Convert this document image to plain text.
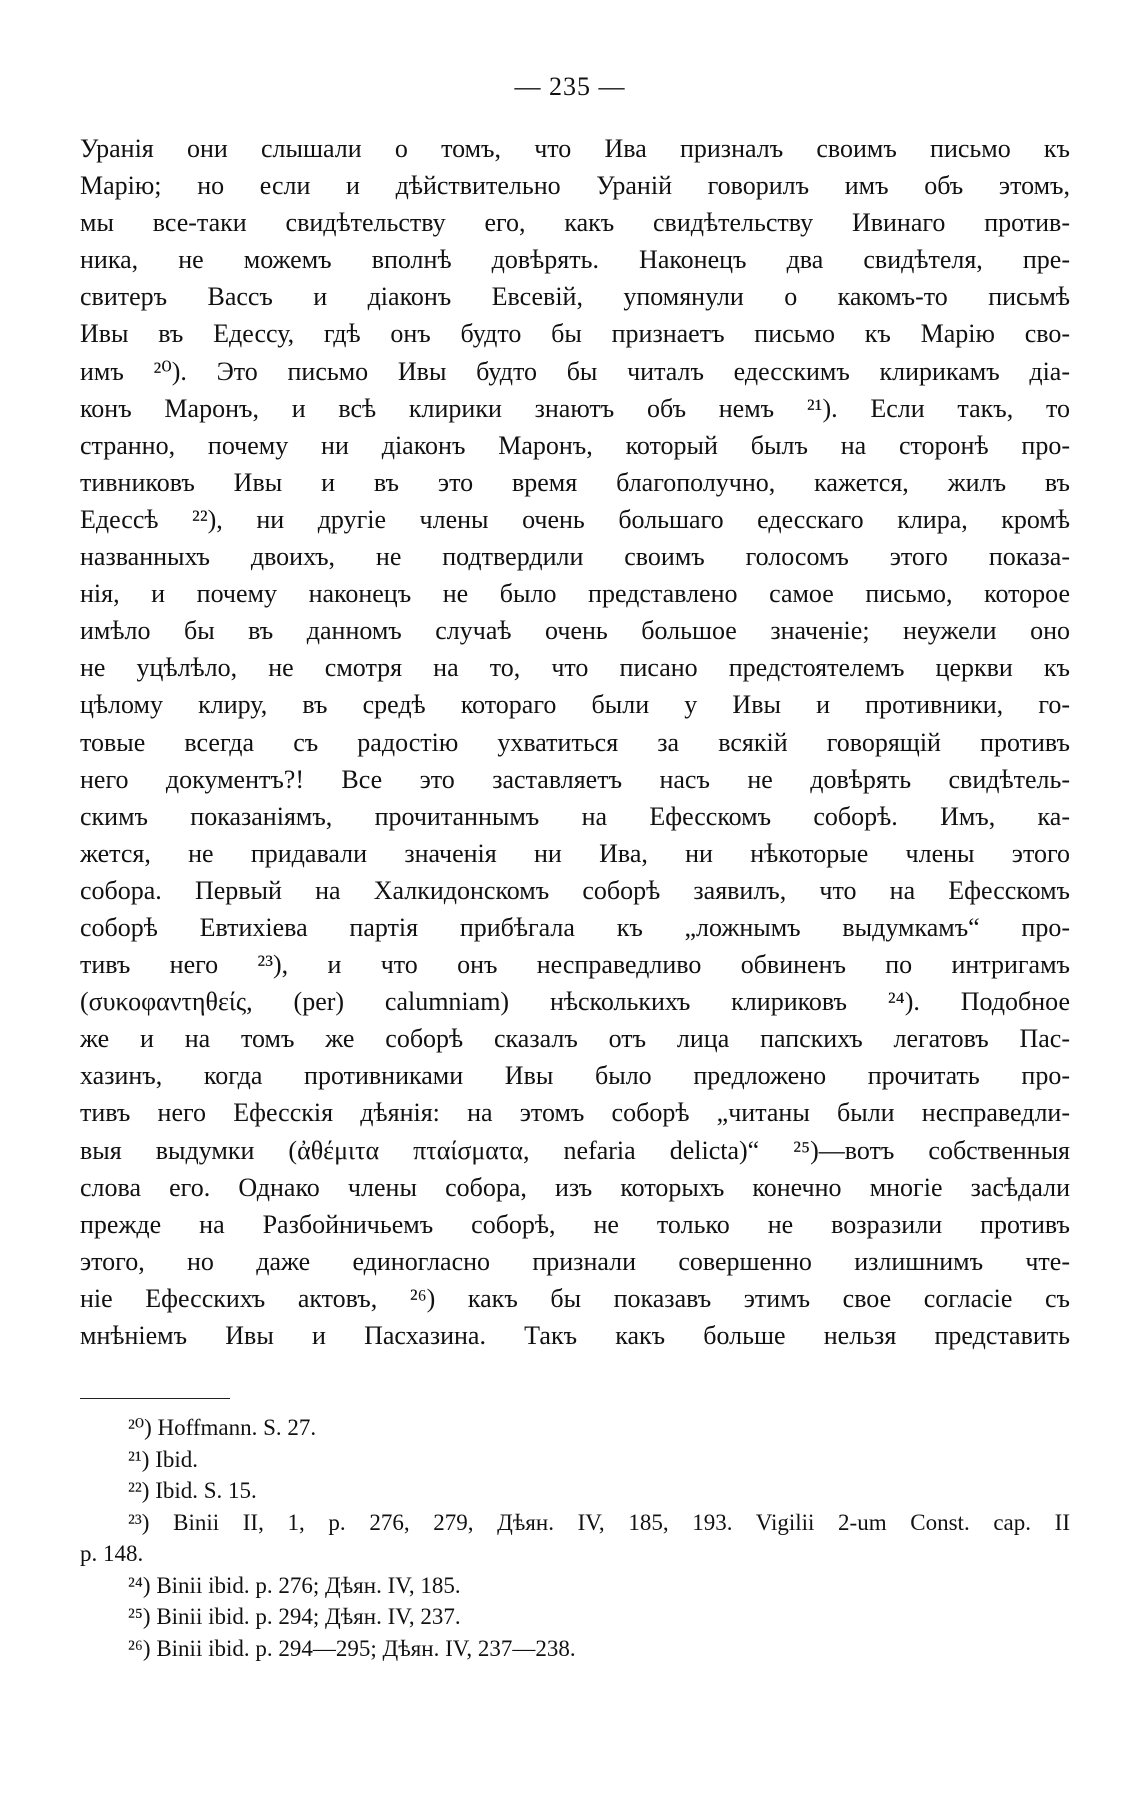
— 235 —
Уранія они слышали о томъ, что Ива призналъ своимъ письмо къ
Марію; но если и дѣйствительно Ураній говорилъ имъ объ этомъ,
мы все-таки свидѣтельству его, какъ свидѣтельству Ивинаго против-
ника, не можемъ вполнѣ довѣрять. Наконецъ два свидѣтеля, пре-
свитеръ Вассъ и діаконъ Евсевій, упомянули о какомъ-то письмѣ
Ивы въ Едессу, гдѣ онъ будто бы признаетъ письмо къ Марію сво-
имъ ²⁰). Это письмо Ивы будто бы читалъ едесскимъ клирикамъ діа-
конъ Маронъ, и всѣ клирики знаютъ объ немъ ²¹). Если такъ, то
странно, почему ни діаконъ Маронъ, который былъ на сторонѣ про-
тивниковъ Ивы и въ это время благополучно, кажется, жилъ въ
Едессѣ ²²), ни другіе члены очень большаго едесскаго клира, кромѣ
названныхъ двоихъ, не подтвердили своимъ голосомъ этого показа-
нія, и почему наконецъ не было представлено самое письмо, которое
имѣло бы въ данномъ случаѣ очень большое значеніе; неужели оно
не уцѣлѣло, не смотря на то, что писано предстоятелемъ церкви къ
цѣлому клиру, въ средѣ котораго были у Ивы и противники, го-
товые всегда съ радостію ухватиться за всякій говорящій противъ
него документъ?! Все это заставляетъ насъ не довѣрять свидѣтель-
скимъ показаніямъ, прочитаннымъ на Ефесскомъ соборѣ. Имъ, ка-
жется, не придавали значенія ни Ива, ни нѣкоторые члены этого
собора. Первый на Халкидонскомъ соборѣ заявилъ, что на Ефесскомъ
соборѣ Евтихіева партія прибѣгала къ „ложнымъ выдумкамъ“ про-
тивъ него ²³), и что онъ несправедливо обвиненъ по интригамъ
(συκοφαντηθείς, (per) calumniam) нѣсколькихъ клириковъ ²⁴). Подобное
же и на томъ же соборѣ сказалъ отъ лица папскихъ легатовъ Пас-
хазинъ, когда противниками Ивы было предложено прочитать про-
тивъ него Ефесскія дѣянія: на этомъ соборѣ „читаны были несправедли-
выя выдумки (ἀθέμιτα πταίσματα, nefaria delicta)“ ²⁵)—вотъ собственныя
слова его. Однако члены собора, изъ которыхъ конечно многіе засѣдали
прежде на Разбойничьемъ соборѣ, не только не возразили противъ
этого, но даже единогласно признали совершенно излишнимъ чте-
ніе Ефесскихъ актовъ, ²⁶) какъ бы показавъ этимъ свое согласіе съ
мнѣніемъ Ивы и Пасхазина. Такъ какъ больше нельзя представить
²⁰) Hoffmann. S. 27.
²¹) Ibid.
²²) Ibid. S. 15.
²³) Binii II, 1, p. 276, 279, Дѣян. IV, 185, 193. Vigilii 2-um Const. cap. II
p. 148.
²⁴) Binii ibid. p. 276; Дѣян. IV, 185.
²⁵) Binii ibid. p. 294; Дѣян. IV, 237.
²⁶) Binii ibid. p. 294—295; Дѣян. IV, 237—238.
